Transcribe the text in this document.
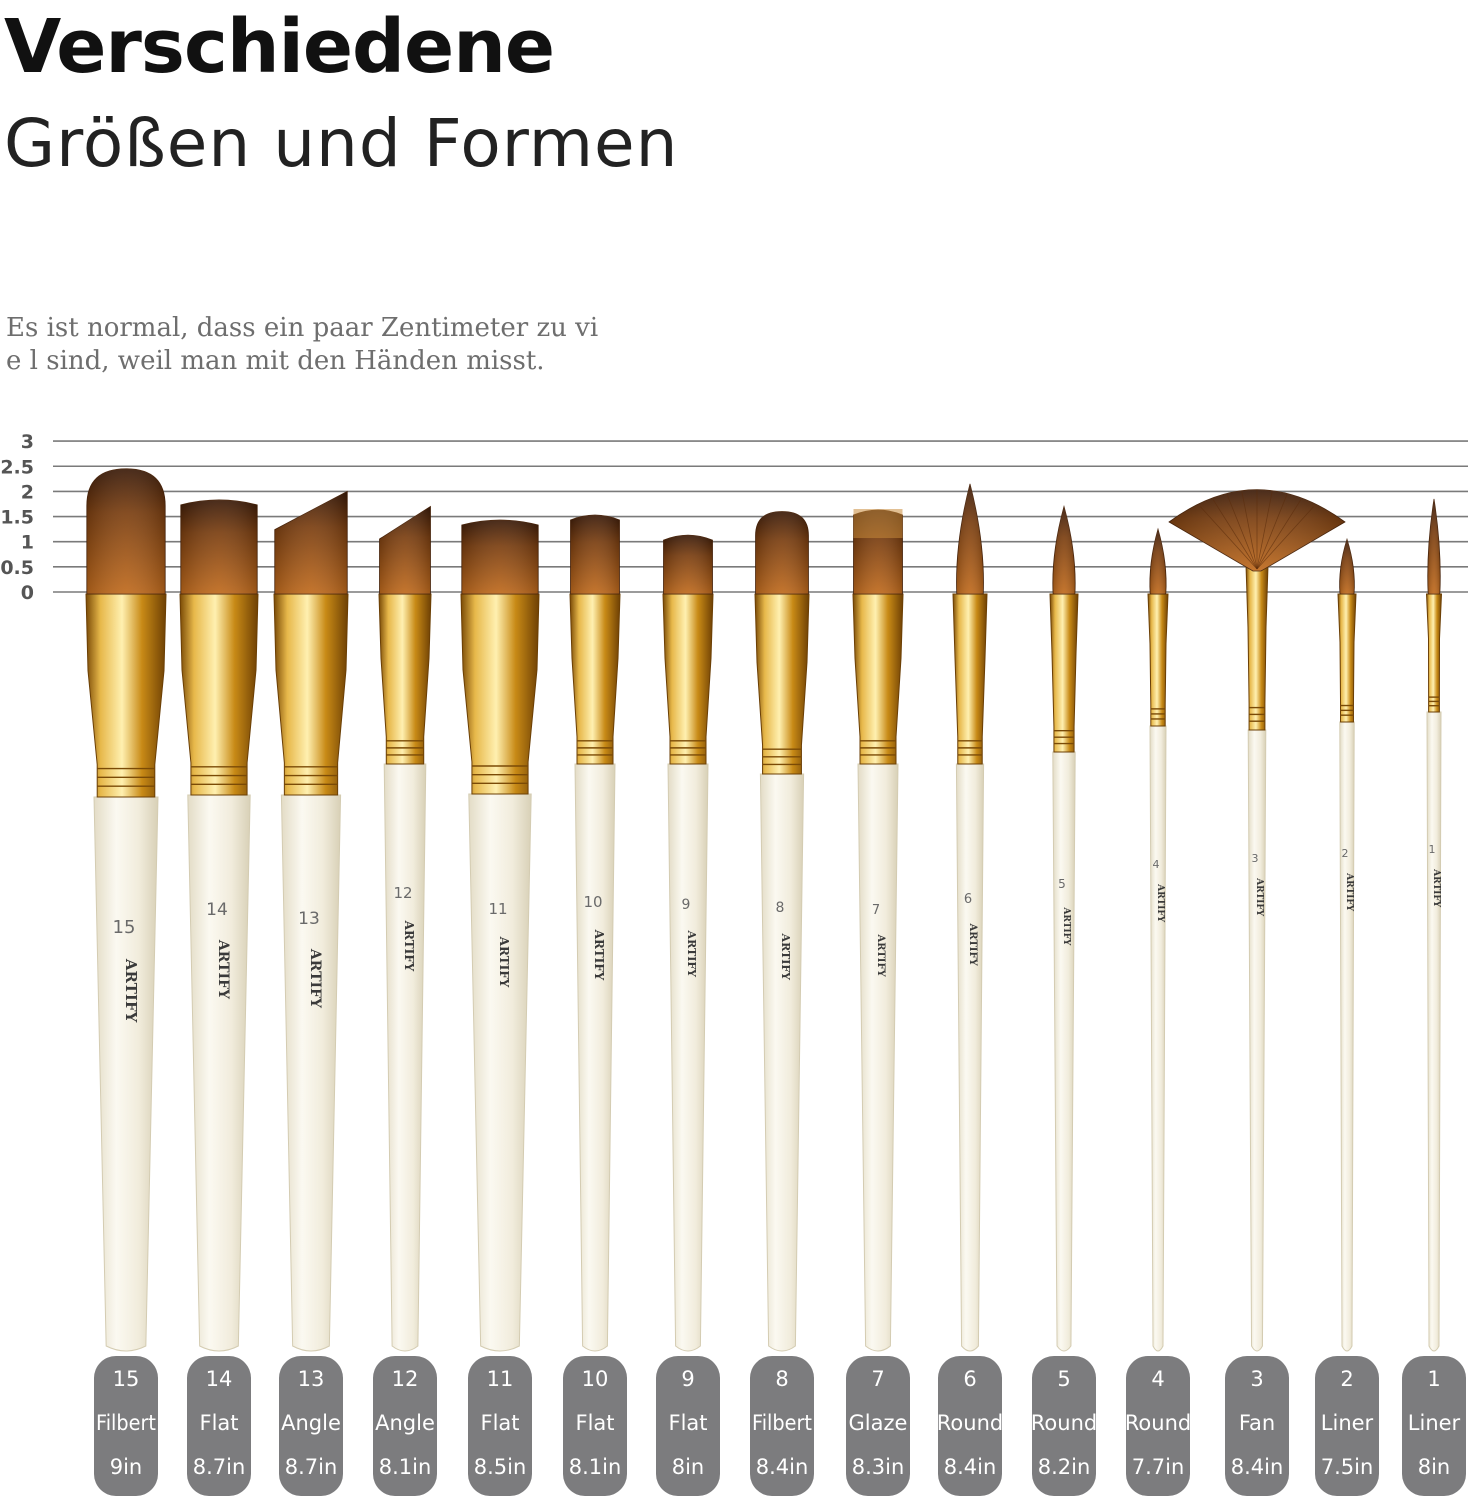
Verschiedene
Größen und Formen

Es ist normal, dass ein paar Zentimeter zu vie l sind, weil man mit den Händen misst.

3
2.5
2
1.5
1
0.5
0
15
ARTIFY
15
Filbert
9in
14
ARTIFY
14
Flat
8.7in
13
ARTIFY
13
Angle
8.7in
12
ARTIFY
12
Angle
8.1in
11
ARTIFY
11
Flat
8.5in
10
ARTIFY
10
Flat
8.1in
9
ARTIFY
9
Flat
8in
8
ARTIFY
8
Filbert
8.4in
7
ARTIFY
7
Glaze
8.3in
6
ARTIFY
6
Round
8.4in
5
ARTIFY
5
Round
8.2in
4
ARTIFY
4
Round
7.7in
3
ARTIFY
3
Fan
8.4in
2
ARTIFY
2
Liner
7.5in
1
ARTIFY
1
Liner
8in
